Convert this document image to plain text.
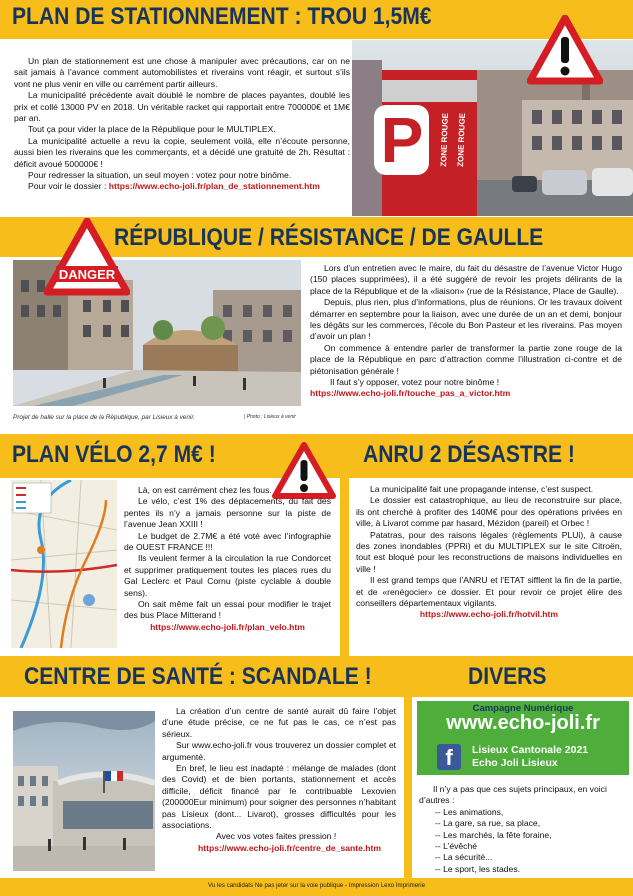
PLAN DE STATIONNEMENT : TROU 1,5M€

Un plan de stationnement est une chose à manipuler avec précautions, car on ne sait jamais à l’avance comment automobilistes et riverains vont réagir, et surtout s’ils vont ne plus venir en ville ou carrément partir ailleurs.

La municipalité précédente avait doublé le nombre de places payantes, doublé les prix et collé 13000 PV en 2018. Un véritable racket qui rapportait entre 700000€ et 1M€ par an.

Tout ça pour vider la place de la République pour le MULTIPLEX.

La municipalité actuelle a revu la copie, seulement voilà, elle n’écoute personne, aussi bien les riverains que les commerçants, et a décidé une gratuité de 2h. Résultat : déficit avoué 500000€ !

Pour redresser la situation, un seul moyen : votez pour notre binôme.

Pour voir le dossier : https://www.echo-joli.fr/plan_de_stationnement.htm

P ZONE ROUGE ZONE ROUGE
RÉPUBLIQUE / RÉSISTANCE / DE GAULLE
DANGER
Projet de halle sur la place de la République, par Lisieux à venir.	| Photo : Lisieux à venir

Lors d’un entretien avec le maire, du fait du désastre de l’avenue Victor Hugo (150 places supprimées), il a été suggéré de revoir les projets délirants de la place de la République et de la «liaison» (rue de la Résistance, Place de Gaulle).

Depuis, plus rien, plus d’informations, plus de réunions. Or les travaux doivent démarrer en septembre pour la liaison, avec une durée de un an et demi, bonjour les dégâts sur les commerces, l’école du Bon Pasteur et les riverains. Pas moyen d’avoir un plan !

On commence à entendre parler de transformer la partie zone rouge de la place de la République en parc d’attraction comme l’illustration ci-contre et de piétonisation générale !

Il faut s’y opposer, votez pour notre binôme !

https://www.echo-joli.fr/touche_pas_a_victor.htm

PLAN VÉLO 2,7 M€ !

Là, on est carrément chez les fous.

Le vélo, c’est 1% des déplacements, du fait des pentes ils n’y a jamais personne sur la piste de l’avenue Jean XXIII !

Le budget de 2.7M€ a été voté avec l’infographie de OUEST FRANCE !!!

Ils veulent fermer à la circulation la rue Condorcet et supprimer pratiquement toutes les places rues du Gal Leclerc et Paul Cornu (piste cyclable à double sens).

On sait même fait un essai pour modifier le trajet des bus Place Mitterand !

https://www.echo-joli.fr/plan_velo.htm

ANRU 2 DÉSASTRE !

La municipalité fait une propagande intense, c’est suspect.

Le dossier est catastrophique, au lieu de reconstruire sur place, ils ont cherché à profiter des 140M€ pour des opérations privées en ville, à Livarot comme par hasard, Mézidon (pareil) et Orbec !

Patatras, pour des raisons légales (règlements PLUi), à cause des zones inondables (PPRi) et du MULTIPLEX sur le site Citroën, tout est bloqué pour les reconstructions de maisons individuelles en ville !

Il est grand temps que l’ANRU et l’ETAT sifflent la fin de la partie, et de «renégocier» ce dossier. Et pour revoir ce projet élire des conseillers départementaux vigilants.

https://www.echo-joli.fr/hotvil.htm

CENTRE DE SANTÉ : SCANDALE !

La création d’un centre de santé aurait dû faire l’objet d’une étude précise, ce ne fut pas le cas, ce n’est pas sérieux.

Sur www.echo-joli.fr vous trouverez un dossier complet et argumenté.

En bref, le lieu est inadapté : mélange de malades (dont des Covid) et de bien portants, stationnement et accès difficile, déficit financé par le contribuable Lexovien (200000Eur minimum) pour soigner des personnes n’habitant pas Lisieux (dont... Livarot), grosses difficultés pour les associations.

Avec vos votes faites pression !

https://www.echo-joli.fr/centre_de_sante.htm

DIVERS
Campagne Numérique
www.echo-joli.fr
f	Lisieux Cantonale 2021
Echo Joli Lisieux

Il n’y a pas que ces sujets principaux, en voici d’autres :

-- Les animations,
-- La gare, sa rue, sa place,
-- Les marchés, la fête foraine,
-- L’évêché
-- La sécurité...
-- Le sport, les stades.
Vu les candidats Ne pas jeter sur la voie publique - Impression Lexo Imprimerie
